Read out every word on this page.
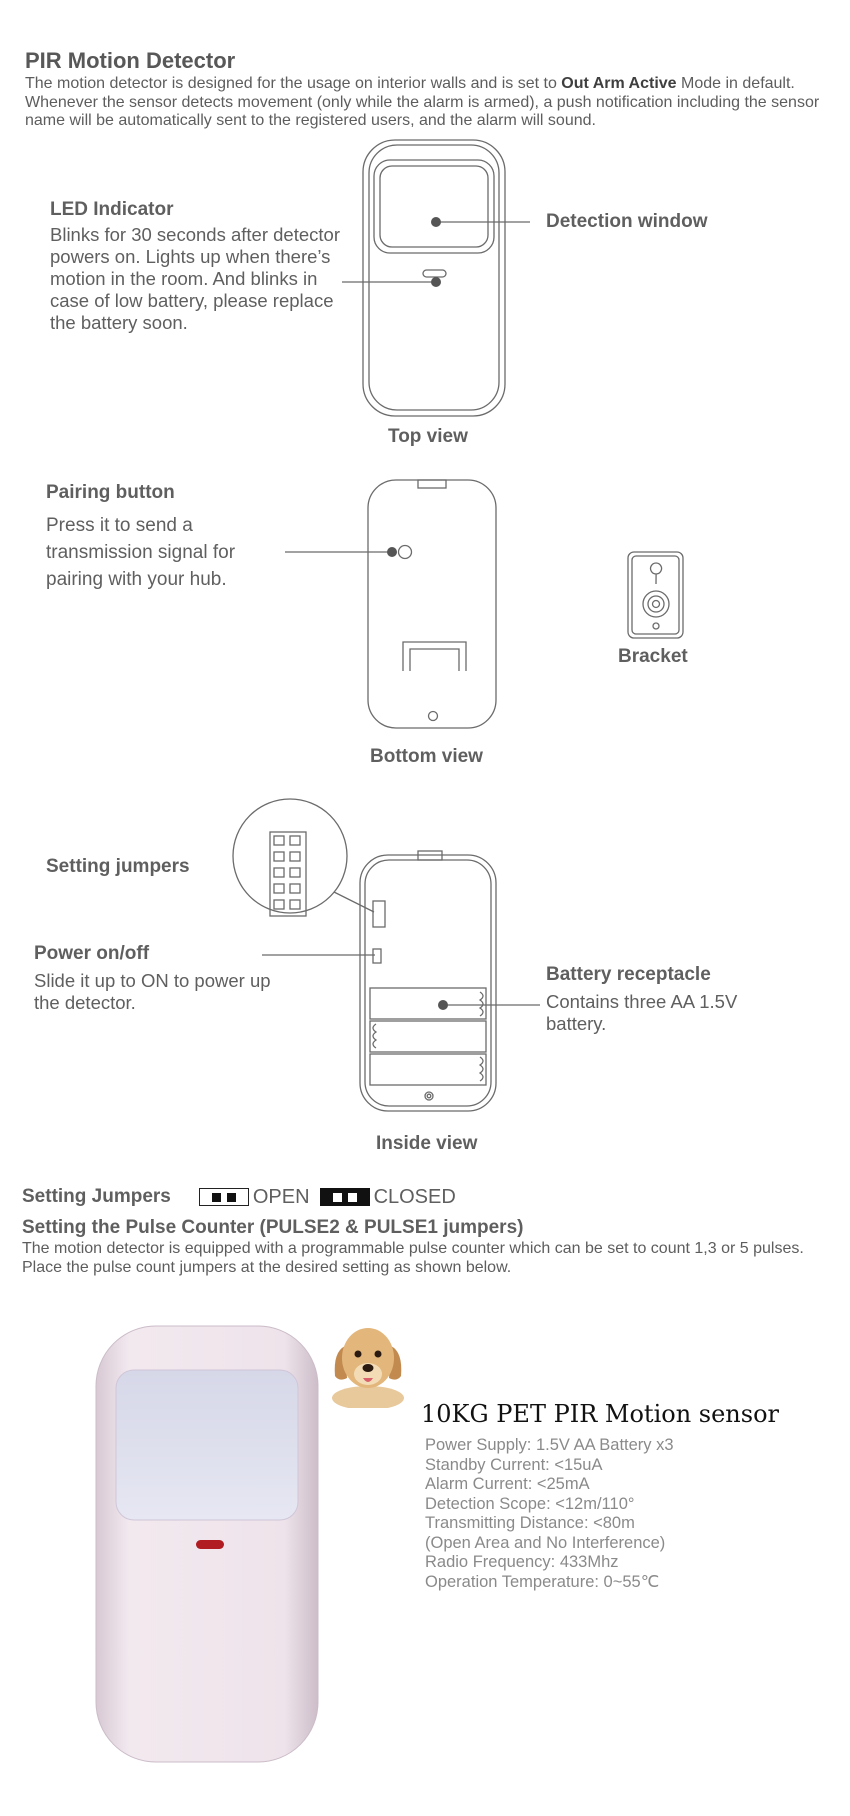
PIR Motion Detector
The motion detector is designed for the usage on interior walls and is set to Out Arm Active Mode in default. Whenever the sensor detects movement (only while the alarm is armed), a push notification including the sensor name will be automatically sent to the registered users, and the alarm will sound.
LED Indicator
Blinks for 30 seconds after detector powers on. Lights up when there’s motion in the room. And blinks in case of low battery, please replace the battery soon.
Detection window
Top view
Pairing button
Press it to send a transmission signal for pairing with your hub.
Bracket
Bottom view
Setting jumpers
Power on/off
Slide it up to ON to power up the detector.
Battery receptacle
Contains three AA 1.5V battery.
Inside view
Setting Jumpers	OPEN	CLOSED
Setting the Pulse Counter (PULSE2 & PULSE1 jumpers)
The motion detector is equipped with a programmable pulse counter which can be set to count 1,3 or 5 pulses. Place the pulse count jumpers at the desired setting as shown below.
10KG PET PIR Motion sensor
Power Supply: 1.5V AA Battery x3
Standby Current: <15uA
Alarm Current: <25mA
Detection Scope: <12m/110°
Transmitting Distance: <80m
(Open Area and No Interference)
Radio Frequency: 433Mhz
Operation Temperature: 0~55℃
